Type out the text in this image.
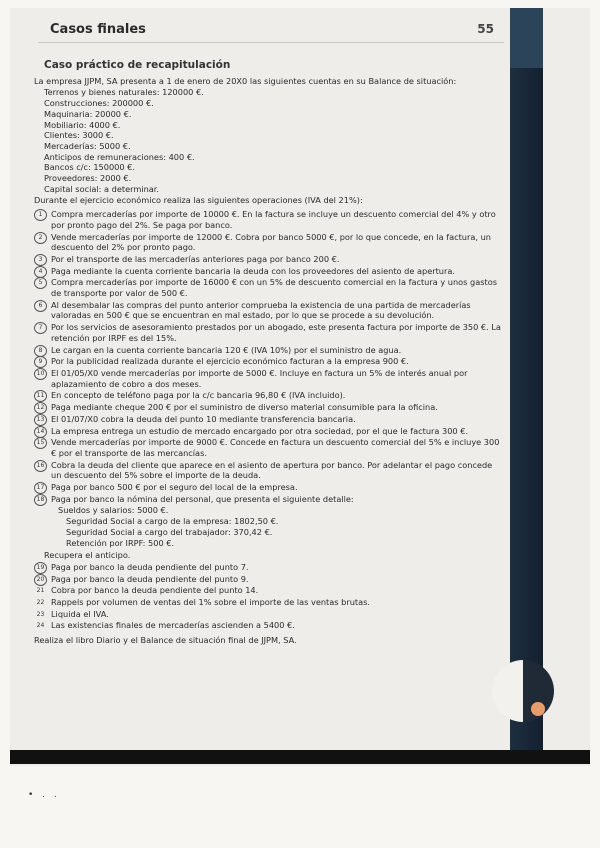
Casos finales	55
Caso práctico de recapitulación

La empresa JJPM, SA presenta a 1 de enero de 20X0 las siguientes cuentas en su Balance de situación:

Terrenos y bienes naturales: 120000 €.

Construcciones: 200000 €.

Maquinaria: 20000 €.

Mobiliario: 4000 €.

Clientes: 3000 €.

Mercaderías: 5000 €.

Anticipos de remuneraciones: 400 €.

Bancos c/c: 150000 €.

Proveedores: 2000 €.

Capital social: a determinar.

Durante el ejercicio económico realiza las siguientes operaciones (IVA del 21%):

1	Compra mercaderías por importe de 10000 €. En la factura se incluye un descuento comercial del 4% y otro por pronto pago del 2%. Se paga por banco.
2	Vende mercaderías por importe de 12000 €. Cobra por banco 5000 €, por lo que concede, en la factura, un descuento del 2% por pronto pago.
3	Por el transporte de las mercaderías anteriores paga por banco 200 €.
4	Paga mediante la cuenta corriente bancaria la deuda con los proveedores del asiento de apertura.
5	Compra mercaderías por importe de 16000 € con un 5% de descuento comercial en la factura y unos gastos de transporte por valor de 500 €.
6	Al desembalar las compras del punto anterior comprueba la existencia de una partida de mercaderías valoradas en 500 € que se encuentran en mal estado, por lo que se procede a su devolución.
7	Por los servicios de asesoramiento prestados por un abogado, este presenta factura por importe de 350 €. La retención por IRPF es del 15%.
8	Le cargan en la cuenta corriente bancaria 120 € (IVA 10%) por el suministro de agua.
9	Por la publicidad realizada durante el ejercicio económico facturan a la empresa 900 €.
10 El 01/05/X0 vende mercaderías por importe de 5000 €. Incluye en factura un 5% de interés anual por aplazamiento de cobro a dos meses.
11 En concepto de teléfono paga por la c/c bancaria 96,80 € (IVA incluido).
12 Paga mediante cheque 200 € por el suministro de diverso material consumible para la oficina.
13 El 01/07/X0 cobra la deuda del punto 10 mediante transferencia bancaria.
14 La empresa entrega un estudio de mercado encargado por otra sociedad, por el que le factura 300 €.
15 Vende mercaderías por importe de 9000 €. Concede en factura un descuento comercial del 5% e incluye 300 € por el transporte de las mercancías.
16 Cobra la deuda del cliente que aparece en el asiento de apertura por banco. Por adelantar el pago concede un descuento del 5% sobre el importe de la deuda.
17 Paga por banco 500 € por el seguro del local de la empresa.
18 Paga por banco la nómina del personal, que presenta el siguiente detalle:

Sueldos y salarios: 5000 €.

Seguridad Social a cargo de la empresa: 1802,50 €.

Seguridad Social a cargo del trabajador: 370,42 €.

Retención por IRPF: 500 €.

Recupera el anticipo.

19 Paga por banco la deuda pendiente del punto 7.
20 Paga por banco la deuda pendiente del punto 9.
21 Cobra por banco la deuda pendiente del punto 14.
22 Rappels por volumen de ventas del 1% sobre el importe de las ventas brutas.
23 Liquida el IVA.
24 Las existencias finales de mercaderías ascienden a 5400 €.

Realiza el libro Diario y el Balance de situación final de JJPM, SA.

• . .
